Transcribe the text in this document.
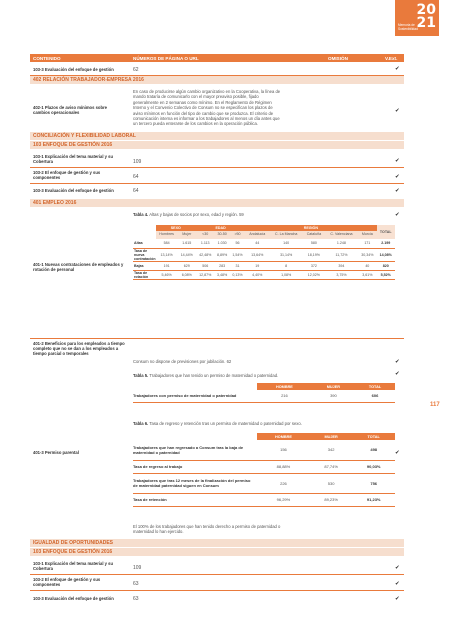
20
21
Memoria de Sostenibilidad
CONTENIDO	NÚMEROS DE PÁGINA O URL	OMISIÓN	V.Ext.
103-3 Evaluación del enfoque de gestión	62	✔
402 RELACIÓN TRABAJADOR-EMPRESA 2016
402-1 Plazos de aviso mínimos sobre cambios operacionales
En caso de producirse algún cambio organizativo en la Cooperativa, la línea de mando trataría de comunicarlo con el mayor preaviso posible, fijado generalmente en 2 semanas como mínimo. En el Reglamento de Régimen Interno y el Convenio Colectivo de Consum no se especifican los plazos de aviso mínimos en función del tipo de cambio que se produzca. El criterio de comunicación interna es informar a los trabajadores al menos un día antes que un tercero pueda enterarse de los cambios en la operación pública.
✔
CONCILIACIÓN Y FLEXIBILIDAD LABORAL
103 ENFOQUE DE GESTIÓN 2016
103-1 Explicación del tema material y su Cobertura	109	✔
103-2 El enfoque de gestión y sus componentes	64	✔
103-3 Evaluación del enfoque de gestión	64	✔
401 EMPLEO 2016
Tabla 4. Altas y bajas de socios por sexo, edad y región. 59	✔
401-1 Nuevas contrataciones de empleados y rotación de personal
	SEXO		EDAD			REGIÓN					TOTAL
	Hombres	Mujer	<30	30-50	>50	Andalucía	C. La Mancha	Cataluña	C. Valenciana	Murcia	
Altas	584	1.615	1.113	1.030	56	44	140	580	1.248	171	2.199
Tasa de nueva contratación	13,14%	14,44%	42,48%	8,89%	1,54%	13,64%	31,14%	18,19%	11,72%	30,34%	14,08%
Bajas	191	629	506	283	31	19	8	372	394	40	820
Tasa de rotación	5,46%	6,08%	12,87%	3,48%	0,13%	4,40%	1,08%	12,02%	3,75%	3,61%	5,52%
401-2 Beneficios para los empleados a tiempo completo que no se dan a los empleados a tiempo parcial o temporales
Consum no dispone de previsiones por jubilación. 62	✔
117
Tabla 5. Trabajadores que han tenido un permiso de maternidad o paternidad.	✔
	HOMBRE	MUJER	TOTAL
Trabajadores con permiso de maternidad o paternidad	216	390	606
Tabla 6. Tasa de regreso y retención tras un permiso de maternidad o paternidad por sexo.
401-3 Permiso parental	✔
	HOMBRE	MUJER	TOTAL
Trabajadores que han regresado a Consum tras la baja de maternidad o paternidad	156	342	498
Tasa de regreso al trabajo	88,88%	87,74%	90,03%
Trabajadores que tras 12 meses de la finalización del permiso de maternidad paternidad siguen en Consum	226	530	756
Tasa de retención	96,29%	89,23%	91,23%
El 100% de los trabajadores que han tenido derecho a permiso de paternidad o maternidad lo han ejercido.
IGUALDAD DE OPORTUNIDADES
103 ENFOQUE DE GESTIÓN 2016
103-1 Explicación del tema material y su Cobertura	109	✔
103-2 El enfoque de gestión y sus componentes	63	✔
103-3 Evaluación del enfoque de gestión	63	✔
